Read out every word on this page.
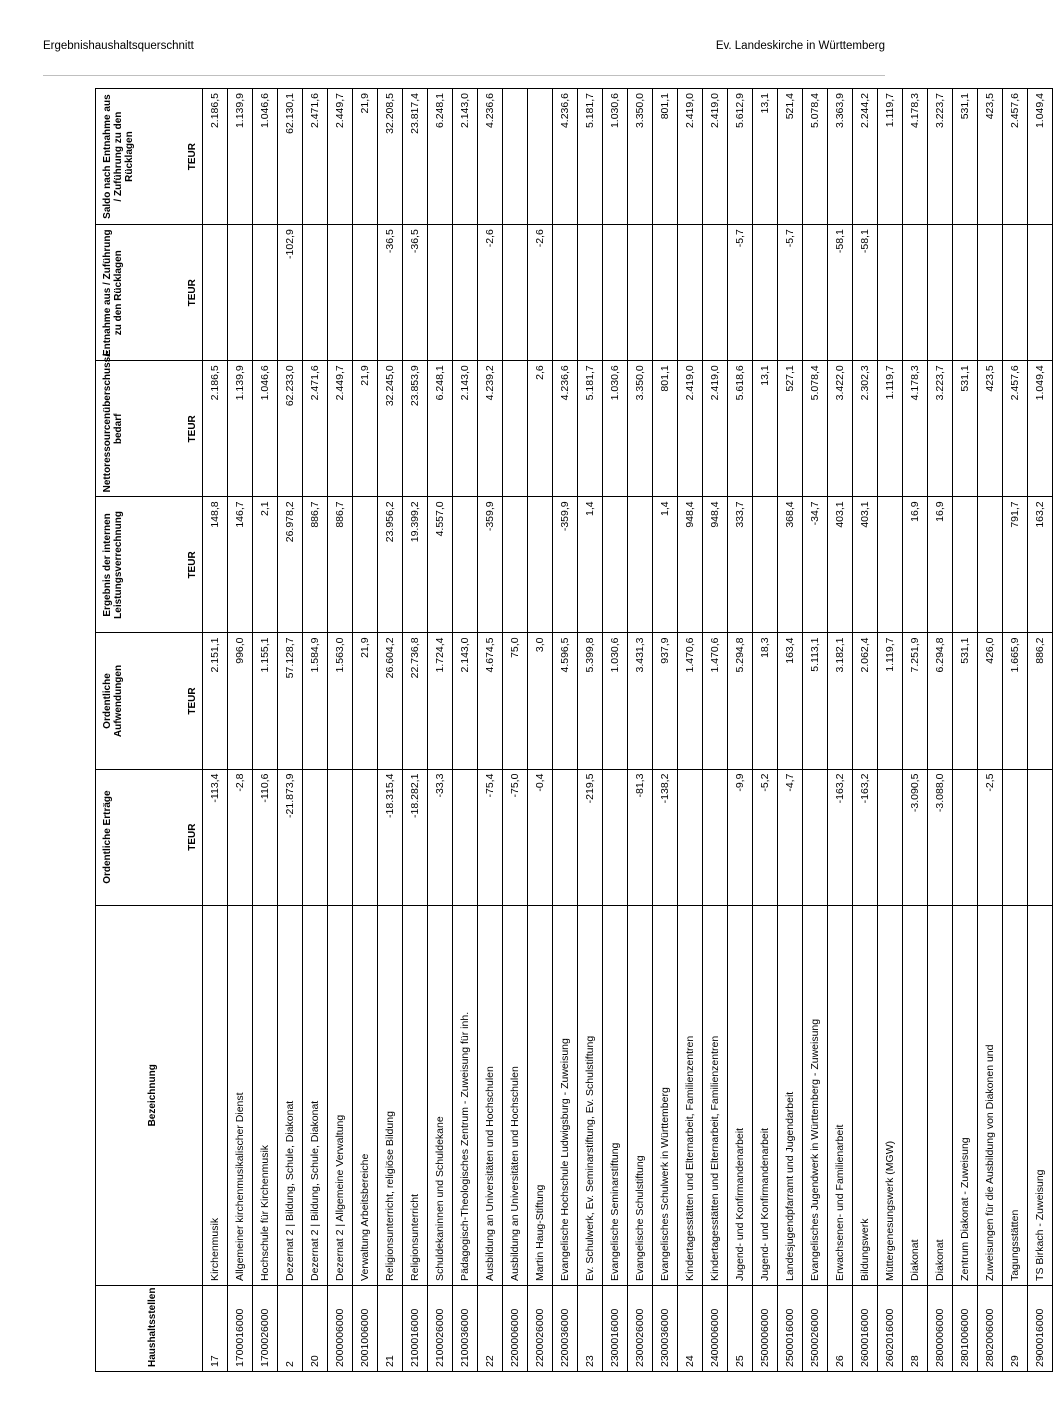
Ergebnishaushaltsquerschnitt	Ev. Landeskirche in Württemberg
Haushaltsstellen	Bezeichnung	Ordentliche Erträge	Ordentliche Aufwendungen	Ergebnis der internen Leistungsverrechnung	Nettoressourcenüberschuss/-bedarf	Entnahme aus / Zuführung zu den Rücklagen	Saldo nach Entnahme aus / Zuführung zu den Rücklagen
		TEUR	TEUR	TEUR	TEUR	TEUR	TEUR
17	Kirchenmusik	-113,4	2.151,1	148,8	2.186,5		2.186,5
1700016000	Allgemeiner kirchenmusikalischer Dienst	-2,8	996,0	146,7	1.139,9		1.139,9
1700026000	Hochschule für Kirchenmusik	-110,6	1.155,1	2,1	1.046,6		1.046,6
2	Dezernat 2 | Bildung, Schule, Diakonat	-21.873,9	57.128,7	26.978,2	62.233,0	-102,9	62.130,1
20	Dezernat 2 | Bildung, Schule, Diakonat		1.584,9	886,7	2.471,6		2.471,6
2000006000	Dezernat 2 | Allgemeine Verwaltung		1.563,0	886,7	2.449,7		2.449,7
2001006000	Verwaltung Arbeitsbereiche		21,9		21,9		21,9
21	Religionsunterricht, religiöse Bildung	-18.315,4	26.604,2	23.956,2	32.245,0	-36,5	32.208,5
2100016000	Religionsunterricht	-18.282,1	22.736,8	19.399,2	23.853,9	-36,5	23.817,4
2100026000	Schuldekaninnen und Schuldekane	-33,3	1.724,4	4.557,0	6.248,1		6.248,1
2100036000	Pädagogisch-Theologisches Zentrum - Zuweisung für inh.		2.143,0		2.143,0		2.143,0
22	Ausbildung an Universitäten und Hochschulen	-75,4	4.674,5	-359,9	4.239,2	-2,6	4.236,6
2200006000	Ausbildung an Universitäten und Hochschulen	-75,0	75,0				
2200026000	Martin Haug-Stiftung	-0,4	3,0		2,6	-2,6	
2200036000	Evangelische Hochschule Ludwigsburg - Zuweisung		4.596,5	-359,9	4.236,6		4.236,6
23	Ev. Schulwerk, Ev. Seminarstiftung, Ev. Schulstiftung	-219,5	5.399,8	1,4	5.181,7		5.181,7
2300016000	Evangelische Seminarstiftung		1.030,6		1.030,6		1.030,6
2300026000	Evangelische Schulstiftung	-81,3	3.431,3		3.350,0		3.350,0
2300036000	Evangelisches Schulwerk in Württemberg	-138,2	937,9	1,4	801,1		801,1
24	Kindertagesstätten und Elternarbeit, Familienzentren		1.470,6	948,4	2.419,0		2.419,0
2400006000	Kindertagesstätten und Elternarbeit, Familienzentren		1.470,6	948,4	2.419,0		2.419,0
25	Jugend- und Konfirmandenarbeit	-9,9	5.294,8	333,7	5.618,6	-5,7	5.612,9
2500006000	Jugend- und Konfirmandenarbeit	-5,2	18,3		13,1		13,1
2500016000	Landesjugendpfarramt und Jugendarbeit	-4,7	163,4	368,4	527,1	-5,7	521,4
2500026000	Evangelisches Jugendwerk in Württemberg - Zuweisung		5.113,1	-34,7	5.078,4		5.078,4
26	Erwachsenen- und Familienarbeit	-163,2	3.182,1	403,1	3.422,0	-58,1	3.363,9
2600016000	Bildungswerk	-163,2	2.062,4	403,1	2.302,3	-58,1	2.244,2
2602016000	Müttergenesungswerk (MGW)		1.119,7		1.119,7		1.119,7
28	Diakonat	-3.090,5	7.251,9	16,9	4.178,3		4.178,3
2800006000	Diakonat	-3.088,0	6.294,8	16,9	3.223,7		3.223,7
2801006000	Zentrum Diakonat - Zuweisung		531,1		531,1		531,1
2802006000	Zuweisungen für die Ausbildung von Diakonen und	-2,5	426,0		423,5		423,5
29	Tagungsstätten		1.665,9	791,7	2.457,6		2.457,6
2900016000	TS Birkach - Zuweisung		886,2	163,2	1.049,4		1.049,4
